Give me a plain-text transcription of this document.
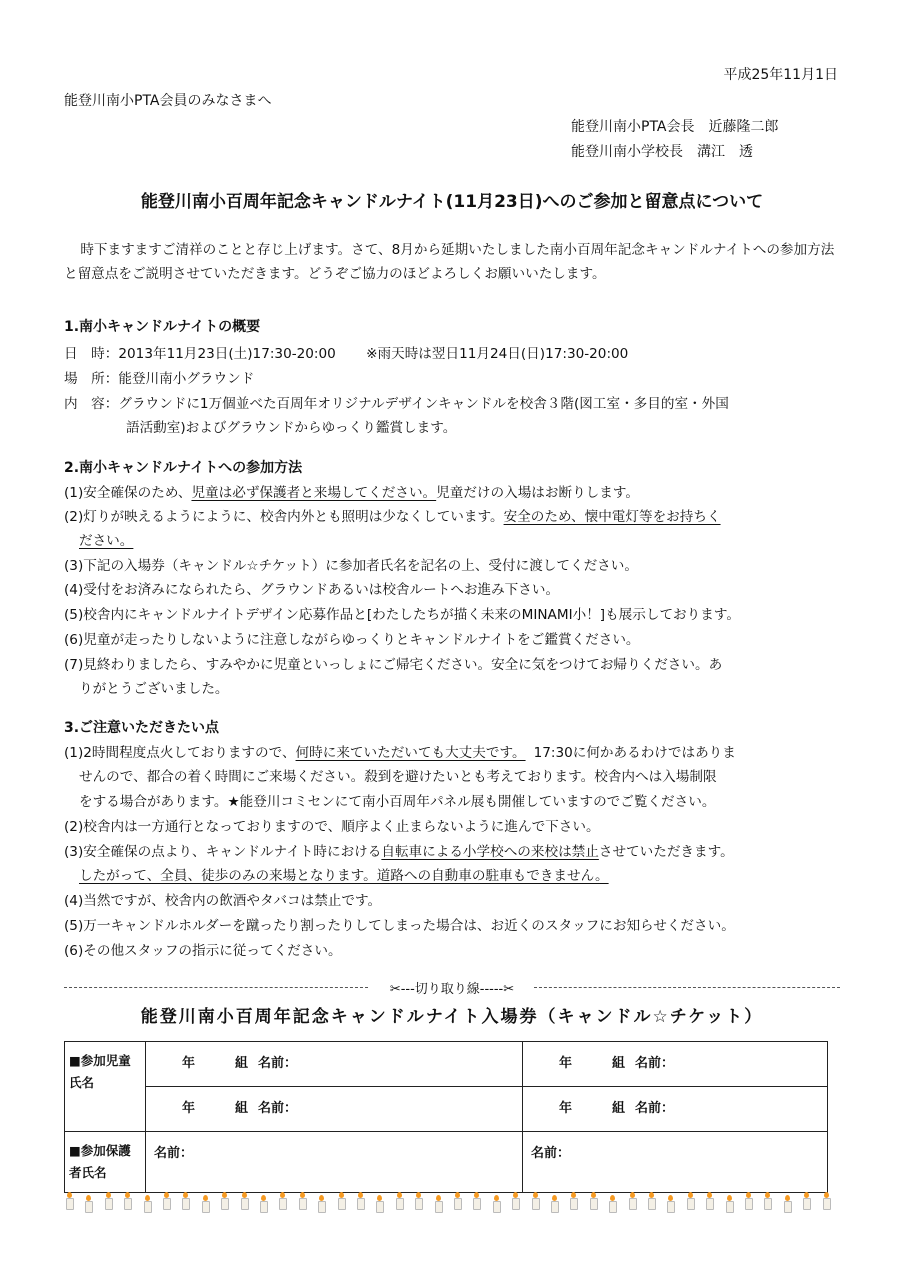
平成25年11月1日
能登川南小PTA会員のみなさまへ
能登川南小PTA会長　近藤隆二郎
能登川南小学校長　溝江　透
能登川南小百周年記念キャンドルナイト(11月23日)へのご参加と留意点について
時下ますますご清祥のことと存じ上げます。さて、8月から延期いたしました南小百周年記念キャンドルナイトへの参加方法と留意点をご説明させていただきます。どうぞご協力のほどよろしくお願いいたします。
1.南小キャンドルナイトの概要
日　時：2013年11月23日(土)17:30-20:00 ※雨天時は翌日11月24日(日)17:30-20:00
場　所：能登川南小グラウンド
内　容：グラウンドに1万個並べた百周年オリジナルデザインキャンドルを校舎３階(図工室・多目的室・外国
語活動室)およびグラウンドからゆっくり鑑賞します。
2.南小キャンドルナイトへの参加方法
(1)安全確保のため、児童は必ず保護者と来場してください。児童だけの入場はお断りします。
(2)灯りが映えるようにように、校舎内外とも照明は少なくしています。安全のため、懐中電灯等をお持ちく
ださい。
(3)下記の入場券（キャンドル☆チケット）に参加者氏名を記名の上、受付に渡してください。
(4)受付をお済みになられたら、グラウンドあるいは校舎ルートへお進み下さい。
(5)校舎内にキャンドルナイトデザイン応募作品と[わたしたちが描く未来のMINAMI小！]も展示しております。
(6)児童が走ったりしないように注意しながらゆっくりとキャンドルナイトをご鑑賞ください。
(7)見終わりましたら、すみやかに児童といっしょにご帰宅ください。安全に気をつけてお帰りください。あ
りがとうございました。
3.ご注意いただきたい点
(1)2時間程度点火しておりますので、何時に来ていただいても大丈夫です。 17:30に何かあるわけではありま
せんので、都合の着く時間にご来場ください。殺到を避けたいとも考えております。校舎内へは入場制限
をする場合があります。★能登川コミセンにて南小百周年パネル展も開催していますのでご覧ください。
(2)校舎内は一方通行となっておりますので、順序よく止まらないように進んで下さい。
(3)安全確保の点より、キャンドルナイト時における自転車による小学校への来校は禁止させていただきます。
したがって、全員、徒歩のみの来場となります。道路への自動車の駐車もできません。
(4)当然ですが、校舎内の飲酒やタバコは禁止です。
(5)万一キャンドルホルダーを蹴ったり割ったりしてしまった場合は、お近くのスタッフにお知らせください。
(6)その他スタッフの指示に従ってください。
✂---切り取り線-----✂
能登川南小百周年記念キャンドルナイト入場券（キャンドル☆チケット）
■参加児童氏名	年 組 名前：	年 組 名前：
	年 組 名前：	年 組 名前：
■参加保護者氏名	名前：	名前：
